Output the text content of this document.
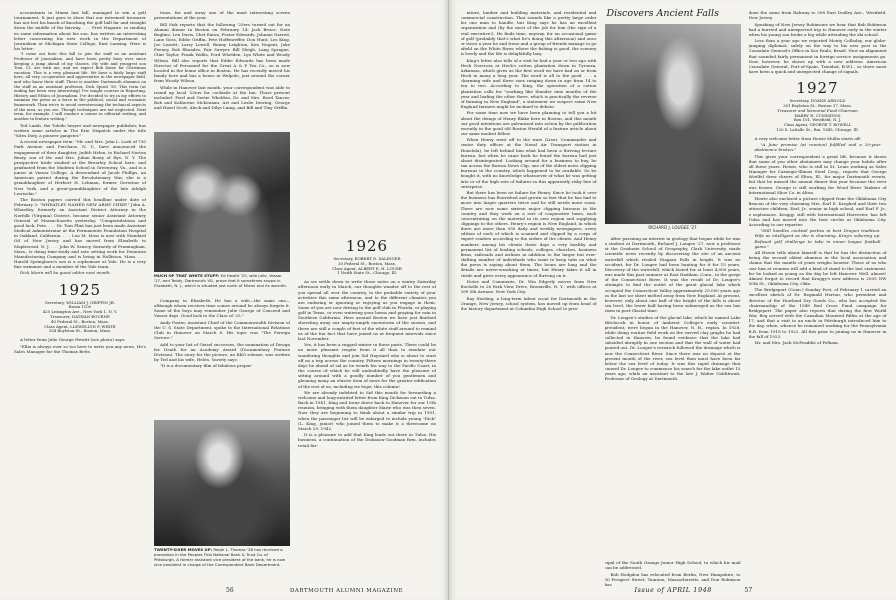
accountants in Miami last fall, managed to win a golf tournament. It just goes to show that our esteemed treasurer has not lost his knack of knocking the golf ball far and straight down the middle of the fairway. . . . Fred Maguire, in sending us some information about his son, has written an interesting letter concerning his new work in the Department of Journalism at Michigan State College, East Lansing. Here is his letter:

"I come out here this fall to join the staff as an assistant Professor of Journalism, and have been pretty busy ever since keeping a jump ahead of my classes. My wife and youngest son Tom, 13, are with me, and we expect Bob home for Christmas vacation. This is a very pleasant life. We have a fairly large staff here, all very co-operative and appreciative in the newspaper field, and who know their stuff. There is another Dartmouth alumnus on the staff as an assistant professor, Dick Spiral '38. This term (as ending has been very interesting) I've taught courses in Reporting, History and Ethics of Journalism. I've decided to try in my efforts to examine the press as a force in the political, social and economic framework. Then we're to avoid overstressing the technical aspects of the area, as you see. Though techniques are not neglected. Next term, for example, I will conduct a course in editorial writing, and another in feature writing."

Ted Lamb, the Toledo lawyer and newspaper publisher, has written some articles in The Erie Dispatch under the title "Sites Doty, a pioneer gangster."

A recent newspaper item: "Mr. and Mrs. John L. Loeb of 730 Park Avenue and Purchase, N. Y., have announced the engagement of their daughter, Judith Helen, to Richard Norton Beaty, son of Mr. and Mrs. Julian Beaty of Rye, N. Y. The prospective bride studied at the Brearley School here, and graduated from the Madeira School in Greenway, Va., and is a junior at Vassar College. A descendant of Jacob Phillips, an American patriot during the Revolutionary War, she is a granddaughter of Herbert H. Lehman, former Governor of New York, and a great-granddaughter of the late Adolph Lewisohn."

The Boston papers carried this headline under date of February 2: "WHEATLEY NAMED NEW ARMY CHIEF." John A. Wheatley, formerly an Assistant District Attorney in the Norfolk (Virginia) District, became senior Assistant Attorney General of Massachusetts yesterday. "Congratulations and good luck, Pete. . . . Dr. Tom Flint has just been made Assistant Medical Administrator at the Permanente Foundation Hospital in Oakland, California. . . . Lou M. Moss is now with Standard Oil of New Jersey and has moved from Elizabeth to Maplewood, N. J. . . . John W. Searcy, formerly of Framingham, Mass., is doing time-study and rate setting work for Dennison Manufacturing Company and is living in Holliston, Mass. . . . Harold Springborn's son is a sophomore at Yale. He is a very fine swimmer and a member of the Yale team.

Dick Morin will be guest editor next month.

1925
Secretary, WILLIAM J. GRIFFIN JR.
Room 1100
420 Lexington Ave., New York 1, N. Y.
Treasurer, NATHAN BOURNE
40 Federal St., Boston, Mass.
Class Agent, LLEWELLYN P. WHITE
354 Boylston St., Boston, Mass.

A letter from Julie George Hewitt (see photo) says:

"Ellie is always ever so too here to write you any news. He's Sales Manager for the Thomas Betts

tions, far and away one of the most interesting screen presentations of the year.

Bill Sisk reports that the following '25ers turned out for an Alumni dinner in Boston on February 14: Jack Bruce, Nate Buglino, Len Davis, Chet Eaton, Foster Edwards, Johnnie Garred, Lane Goss, Eddie Griffin, Pete Hoffenreffer, Don Hunt, Les King, Joe Leavitt, Larry Lowell, Bunny Leighton, Ken Nugent, Jake Feeney, Bob Rhoades, Fair Sawyer, Bill Sleigh, Lang Sprague, Clint Taylor, Frank Wallis, Ford Whelden, Lyn White and Woody Wilson. Bill also reports that Eddie Edwards has been made Director of Personnel for the Great A & P Tea Co., so is now located in the home office in Boston. He has recently moved his family here and has a house in Walpole, just around the corner from Woody Wilson.

While in Hanover last month, your correspondent was able to round up local '25ers for cocktails at the Inn. Those present included: Ford and Gertie Whelden, Dr. and Mrs. Reed Tancer, Bob and Katherine McKennan, Art and Leslie Dewing, George and Hazel Scott, Aleck and Dilys Laing, and Bill and Tiny Griffin.

MUCH OF THAT WHITE STUFF: Ed Hewitt '25, wife Julie, Vassar '27, and Teddy, Dartmouth '61, prove that it sometimes snows in Elizabeth, N. J., which is situated just north of Miami and its warmth.

Company in Elizabeth. He has a wife—the same one—although whom receives time comes around he always forgets it. Some of the boys may remember Julie George of Conceed and Vassar days. Good luck to the Class of '25."

Andy Foster, Assistant Chief of the Commonwealth Division of the U. S. State Department, spoke to the International Relations Club in Hanover on March 8. His topic was "The Foreign Service."

Add to your list of Geisel successes, the nomination of Design for Death for an Academy Award (Documentary Feature Division). The story for the picture, an RKO release, was written by Ted and his wife, Helen. Variety says:

"It is a documentary film of fabulous propor-

TWENTY-SIXER MOVES UP: Ralph L. Thomas '26 has received a promotion in the Peoples First National Bank & Trust Co. of Pittsburgh. A former assistant vice president of the bank, he is now vice president in charge of the Correspondent Bank Department.
1926
Secretary, ROBERT D. SALINGER
30 Federal St., Boston, Mass.
Class Agent, ALBERT E. H. LOUER
1 North State St., Chicago, Ill.

As we settle down to write these notes on a wintry Saturday afternoon early in March, our thoughts wander off to the rest of you spread all over the country, to the probable variety of your activities this same afternoon, and to the different climates you are enduring or ignoring or enjoying as you engage in them. Some of you are now driving to the golf club in Florida, or playing golf in Texas, or even watering your lawns and praying for rain in Southern California. Here around Boston we have just finished shoveling away our umpty-umpth snowstorm of the season, and there are still a couple of feet of the white stuff around to remind us of the fun fact that have joined us at frequent intervals since last November.

Yes, it has been a rugged winter in these parts. There could be no more pleasant respite from it all than to emulate our wandering thoughts and join Sid Hayward who is about to start off on a trip across the country. Fifteen mornings in twenty-three days he ahead of sal as he wends his way to the Pacific Coast, in the course of which he will undoubtedly have the pleasure of sitting around with a goodly number of you gentlemen and gleaning many an elusive item of news for the greater edification of the rest of us, including we hope, this column!

We are already indebted to Sid this month for forwarding a welcome and long-awaited letter from King Dickason out in Tulsa. Back in 1941, King and Irene drove back to Hanover for our 15th reunion, bringing with them daughter Marie who was then seven. Now they are beginning to think about a similar trip in 1951, when the passenger list will be enlarged to include young "Dick" (L. King, junior) who joined them to make it a threesome on March 29, 1942.

It is a pleasure to add that King leads out there in Tulsa. His business, a continuation of the Dickason-Goodman firm, includes retail fur-

56	DARTMOUTH ALUMNI MAGAZINE

niture, lumber and building materials, and residential and commercial construction. That sounds like a pretty large order for one man to handle, but King says he has an excellent organization and (by the most of the job for him (the sign of a real executive!). He finds time, anyway, for an occasional game of golf (probably that's what he's doing this afternoon) and once or twice a year he and Irene and a group of friends manage to go afield on the White River, where the fishing is good, the scenery is lovely and the life is delightfully lazy.

King's letter also tells of a visit he had a year or two ago with Heck Norcross at Heck's cotton plantation down in Tyronza, Arkansas, which gives us the first word we have had on or from Heck in many a long year. The word is all to the good . . . a charming wife and three sons ranging down in age from 14 to ten to two. According to King, the operation of a cotton plantation calls for "working like thunder nine months of the year and loafing the other three, which is practically the reverse of farming in New England", a statement we suspect some New England farmers might be inclined to debate.

For some time now we have been planning to tell you a bit about the doings of Henry Blake here in Boston, and this month our good intentions are galvanized into action by the publication recently in the good old Boston Herald of a feature article about our same modest fellow.

When Henry went off to the wars (Lieut. Commander and senior duty officer at the Naval Air Transport station in Honolulu), he left behind him what had been a thriving lecture bureau, but when he came back he found the bureau had just about disintegrated. Looking around for a business to buy, he ran across the Boston News Clip, one of the oldest news clipping bureaus in the country, which happened to be available. So he bought it, with no knowledge whatsoever of what he was getting into or of the high rate of failures in this apparently risky line of enterprise.

But there has been no failure for Henry. Since he took it over the business has flourished and grown so fast that he has had to move into larger quarters twice and he still needs more room. There are now some sixteen major clipping bureaus in the country and they work on a sort of cooperative basis, each concentrating on the material in its own region and supplying clippings to the others. Henry's region is New England, in which there are more than 550 daily and weekly newspapers, every edition of each of which is scanned and clipped by a corps of expert readers according to the orders of the clients. And Henry numbers among his clients these days a very healthy and permanent list of leading schools, colleges, churches, business firms, railroads and airlines in addition to the larger but ever-shifting number of individuals who want to keep tabs on what the press is saying about them. The hours are long and the details are nerve-wracking at times, but Henry takes it all in stride and gives every appearance of thriving on it.

Notes and Comments, Dr. Win Edgerly moves from New Rochelle to 26 Park View Drive, Bronxville, N. Y., with offices at 399 5th Avenue, New York City.

Ray Sterling, a long-term talent scout for Dartmouth in the Orange, New Jersey, school system, has moved up from head of the history department at Columbia High School to prin-

Discovers Ancient Falls
RICHARD J. LOUGEE '27

After pursuing an interest in geology that began while he was a student at Dartmouth, Richard J. Lougee '27, now a professor at the Graduate School of Geography, Clark University, made scientific news recently by discovering the site of an ancient waterfall which rivaled Niagara Falls in height. It was no accident, for Dr. Lougee had been hunting for it for 15 years. Discovery of the waterfall, which lasted for at least 4,000 years, was made this past summer at East Haddam, Conn., in the gorge of the Connecticut River. It was the result of Dr. Lougee's attempts to find the outlet of the great glacial lake which occupied the Connecticut Valley approximately 25,000 years ago as the last ice sheet melted away from New England. At present, however, only about one half of the height of the falls is above sea level, the lower half having been submerged as the sea has risen in post-Glacial time.

Dr. Lougee's studies of the glacial lake, which he named Lake Hitchcock in honor of Amherst College's early scientist-president, were begun in the Hanover, N. H., region. In 1928, while doing routine field work on the varved clay graphs he had collected in Hanover, he found evidence that the lake had subsided abruptly in one section and that the wall of water had poured out. Dr. Lougee's research followed the drainage which is now the Connecticut River. Since there was no deposit at the present mouth of the river, sea level then must have been far below the sea level of today. It was this rapid drainage that caused Dr. Lougee to commence his search for the lake outlet 15 years ago, while an assistant to the late J. Walter Goldthwait, Professor of Geology at Dartmouth.

cipal of the South Orange Junior High School, to which his mail can be addressed.

Bob Hodgdon has relocated from Berlin, New Hampshire, to 30 Prospect Street, Taunton, Massachusetts, and Don Robinson has

done the same from Rahway to 598 East Dudley Ave., Westfield, New Jersey.

Speaking of New Jersey Robinsons we hear that Bob Robinson had a hurried and unexpected trip to Hanover early in the winter when his young son broke a leg while attending the ski school.

Less than a year ago we reported Monty Colladay, our globe-jumping diplomat, safely on the way to his new post in the Consulate General's Office in Sao Paulo, Brazil. Now an alignment that sounded fairly permanent in foreign service assignments go. Now, however, he shows up with a new address: American Consulate General, Port-of-Spain, Trinidad, B.W.I., so there must have been a quick and unexpected change of signals.

1927
Secretary, DOANE ARNOLD
301 Boylston St., Boston 17, Mass.
Treasurer and Memorial Fund Chairman
HARRY R. CUMMINGS
Box 101, Westfield, N. J.
Class Agent, GEORGE T. ROWELL
120 S. LaSalle St., Rm. 1845, Chicago, Ill.

A very welcome letter from Howie Mullis starts off:

"A June promise (at reunion) fulfilled and a 20-year abstinence broken."

This gives your correspondent a great lift, because it shows that some of you other abstainers may change your habits after all these years. Howie, who is still in St. Louis working as Sales Manager for Carnegie-Illinois Steel Corp., reports that George Woelfel drew cheers of Elton, Ill., for major Dartmouth events, but that he missed the annual dinner this year because the river was frozen. George is still working for Wood River Tankers of International Shoe Co. in Alton.

Howie also enclosed a picture clipped from the Oklahoma City Beacon of the very charming Mrs. Earl E. Kroghed and their two attractive children, Earl, Jr., senior in high school, and Earl F. Jr., a sophomore. Kroggy, still with International Harvester, has left Tulsa and has moved into the best circles at Oklahoma City. According to our reporter:

"Still handles cocktail parties in best Dragon tradition. Wife as intelligent as she is charming. Krog's sobering up. Refused golf challenge to take in minor league football game."

All Howie tells about himself is that he has the distinction of being the second oldest alumnus in the local association and claims that the mantle of years weighs heavier. Those of us who saw him at reunion will add a kind of stand to the last statement, for he looked as young as the day he left Hanover. Well, almost! Almost forgot to record that Kroggy's new address is 2005 NW 50th St., Oklahoma City, Okla.

The Bridgeport (Conn.) Sunday Post, of February 1 carried an excellent sketch of Dr. Reginald Horton, who president and director of the Howland Dry Goods Co., who has accepted the chairmanship of the 1948 Red Cross Fund campaign for Bridgeport. The paper also reports that during the first World War, Reg served with the Canadian Mounted Rifles at the age of 17, and that a visit to an uncle in Pittsburgh introduced him to the day, when, whence he remained working for the Pennsylvania R.R. from 1918 to 1922. All this prior to joining us in Hanover in the fall of 1923.

Mr. and Mrs. Jack McFeaddie of Pelham,

Issue of APRIL 1948	57
